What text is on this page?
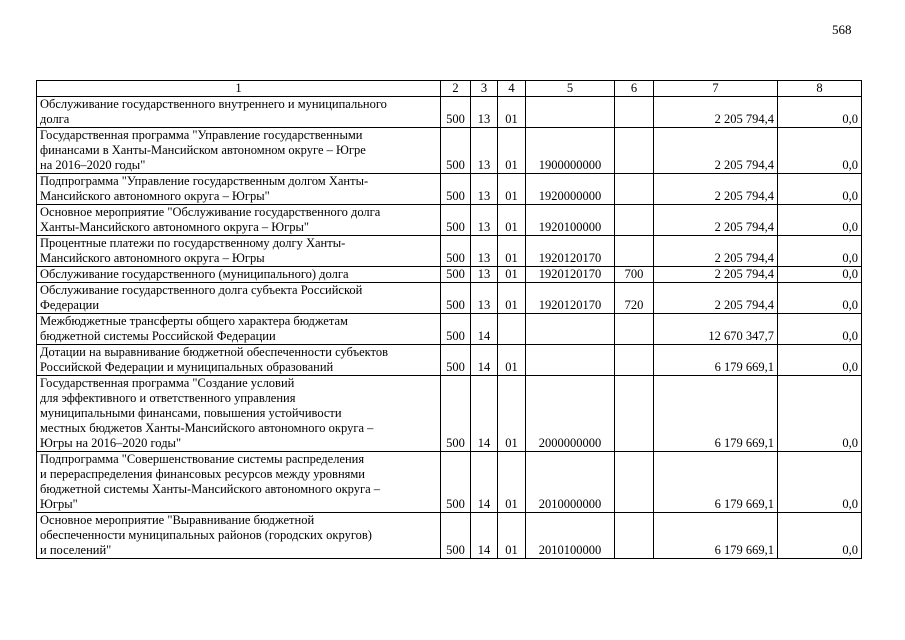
568
1	2	3	4	5	6	7	8
Обслуживание государственного внутреннего и муниципального
долга	500	13	01			2 205 794,4	0,0
Государственная программа "Управление государственными
финансами в Ханты-Мансийском автономном округе – Югре
на 2016–2020 годы"	500	13	01	1900000000		2 205 794,4	0,0
Подпрограмма "Управление государственным долгом Ханты-
Мансийского автономного округа – Югры"	500	13	01	1920000000		2 205 794,4	0,0
Основное мероприятие "Обслуживание государственного долга
Ханты-Мансийского автономного округа – Югры"	500	13	01	1920100000		2 205 794,4	0,0
Процентные платежи по государственному долгу Ханты-
Мансийского автономного округа – Югры	500	13	01	1920120170		2 205 794,4	0,0
Обслуживание государственного (муниципального) долга	500	13	01	1920120170	700	2 205 794,4	0,0
Обслуживание государственного долга субъекта Российской
Федерации	500	13	01	1920120170	720	2 205 794,4	0,0
Межбюджетные трансферты общего характера бюджетам
бюджетной системы Российской Федерации	500	14				12 670 347,7	0,0
Дотации на выравнивание бюджетной обеспеченности субъектов
Российской Федерации и муниципальных образований	500	14	01			6 179 669,1	0,0
Государственная программа "Создание условий
для эффективного и ответственного управления
муниципальными финансами, повышения устойчивости
местных бюджетов Ханты-Мансийского автономного округа –
Югры на 2016–2020 годы"	500	14	01	2000000000		6 179 669,1	0,0
Подпрограмма "Совершенствование системы распределения
и перераспределения финансовых ресурсов между уровнями
бюджетной системы Ханты-Мансийского автономного округа –
Югры"	500	14	01	2010000000		6 179 669,1	0,0
Основное мероприятие "Выравнивание бюджетной
обеспеченности муниципальных районов (городских округов)
и поселений"	500	14	01	2010100000		6 179 669,1	0,0
